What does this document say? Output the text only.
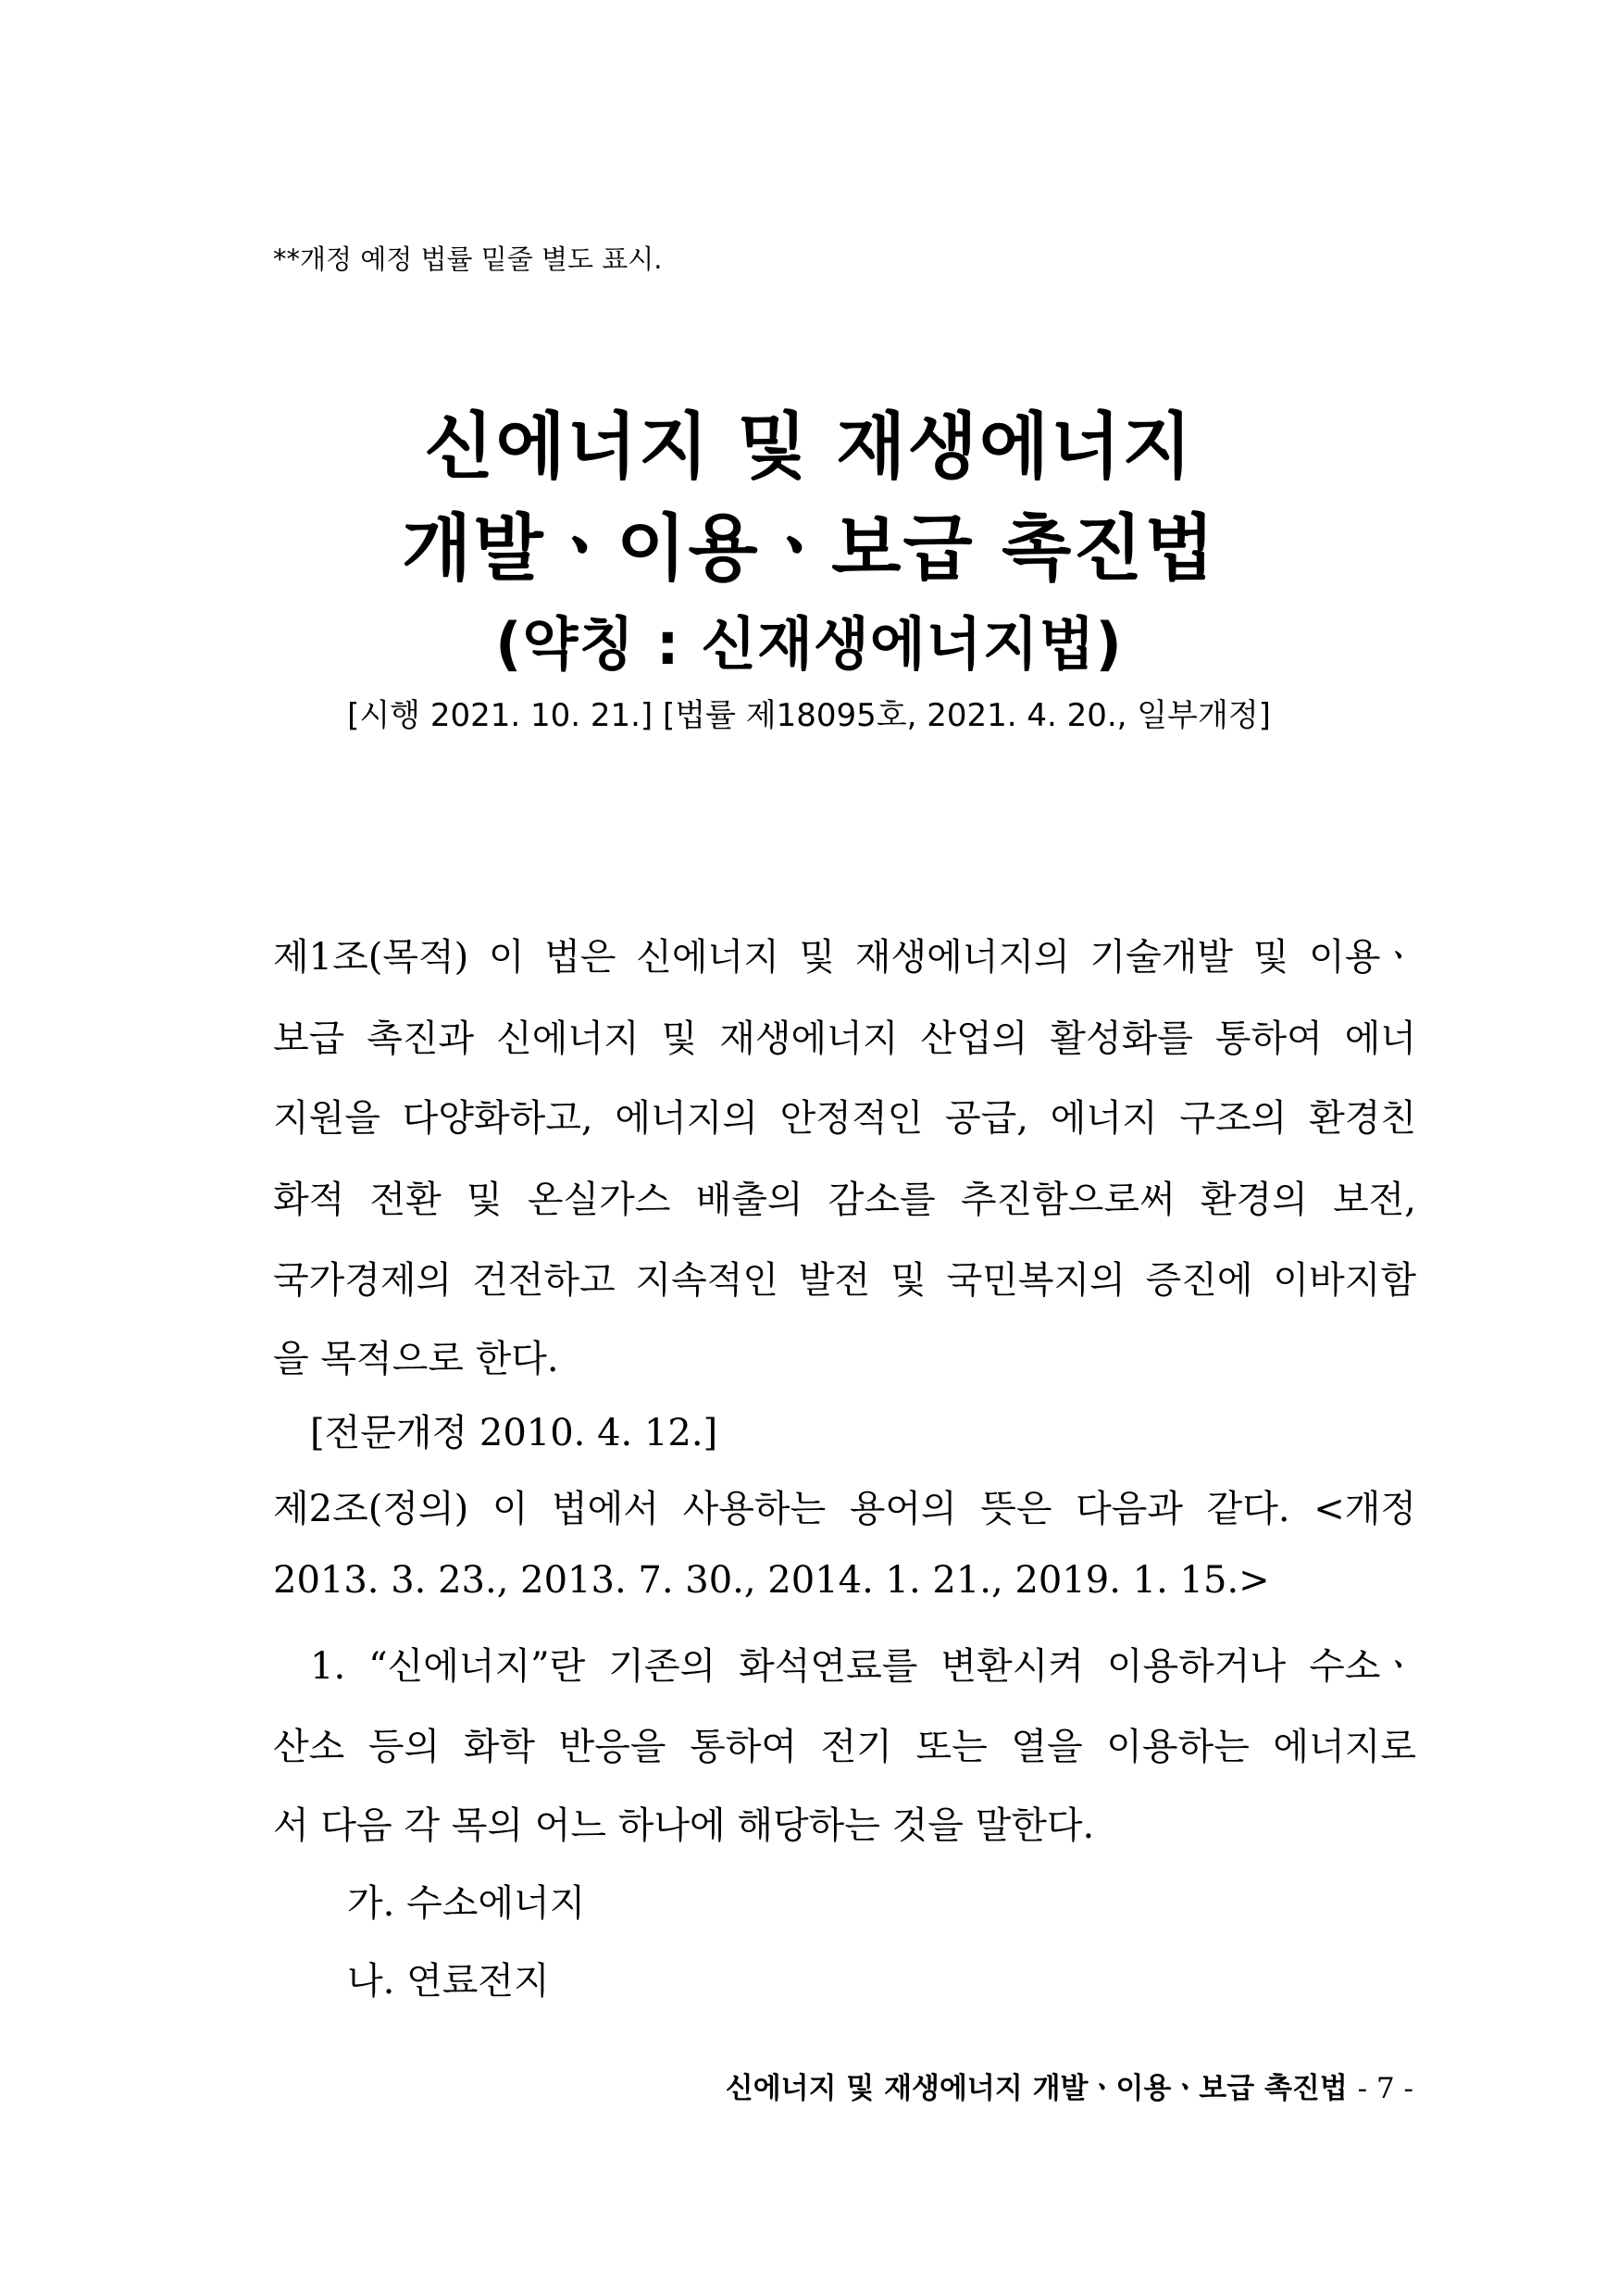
**개정 예정 법률 밑줄 별도 표시.
신에너지 및 재생에너지
개발ㆍ이용ㆍ보급 촉진법
(약칭 : 신재생에너지법)
[시행 2021. 10. 21.] [법률 제18095호, 2021. 4. 20., 일부개정]
제1조(목적) 이 법은 신에너지 및 재생에너지의 기술개발 및 이용ㆍ
보급 촉진과 신에너지 및 재생에너지 산업의 활성화를 통하여 에너
지원을 다양화하고, 에너지의 안정적인 공급, 에너지 구조의 환경친
화적 전환 및 온실가스 배출의 감소를 추진함으로써 환경의 보전,
국가경제의 건전하고 지속적인 발전 및 국민복지의 증진에 이바지함
을 목적으로 한다.
[전문개정 2010. 4. 12.]
제2조(정의) 이 법에서 사용하는 용어의 뜻은 다음과 같다. <개정
2013. 3. 23., 2013. 7. 30., 2014. 1. 21., 2019. 1. 15.>
1. “신에너지”란 기존의 화석연료를 변환시켜 이용하거나 수소ㆍ
산소 등의 화학 반응을 통하여 전기 또는 열을 이용하는 에너지로
서 다음 각 목의 어느 하나에 해당하는 것을 말한다.
가. 수소에너지
나. 연료전지
신에너지 및 재생에너지 개발ㆍ이용ㆍ보급 촉진법 - 7 -
